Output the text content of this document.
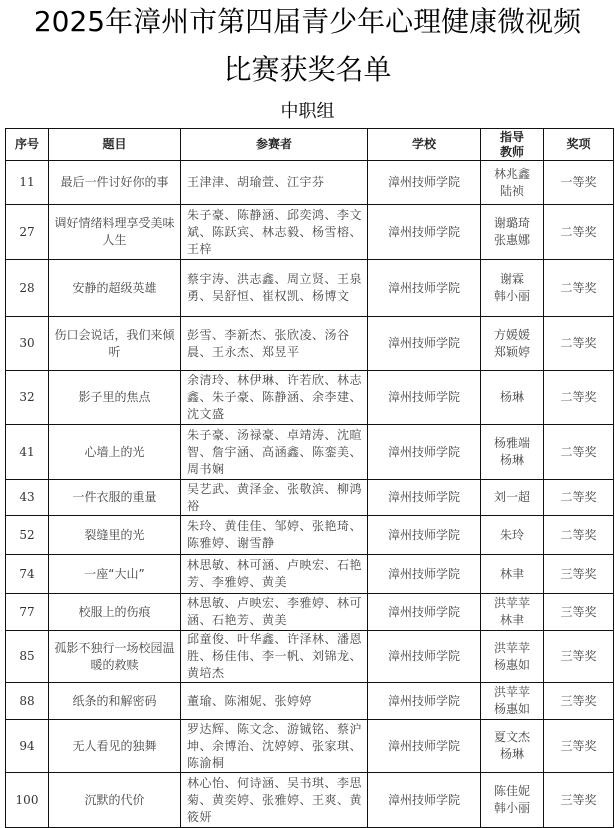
2025年漳州市第四届青少年心理健康微视频
比赛获奖名单
中职组
序号	题目	参赛者	学校	指导
教师	奖项
11	最后一件讨好你的事	王津津、胡瑜萱、江宇芬	漳州技师学院	林兆鑫
陆祯	一等奖
27	调好情绪料理享受美味人生	朱子豪、陈静涵、邱奕鸿、李文斌、陈跃宾、林志毅、杨雪榕、王梓	漳州技师学院	谢璐琦
张惠娜	二等奖
28	安静的超级英雄	蔡宇涛、洪志鑫、周立贤、王泉勇、吴舒恒、崔权凯、杨博文	漳州技师学院	谢霖
韩小丽	二等奖
30	伤口会说话，我们来倾听	彭雪、李新杰、张欣凌、汤谷晨、王永杰、郑昱平	漳州技师学院	方媛媛
郑颖婷	二等奖
32	影子里的焦点	余清玲、林伊琳、许若欣、林志鑫、朱子豪、陈静涵、余李建、沈文盛	漳州技师学院	杨琳	二等奖
41	心墙上的光	朱子豪、汤禄豪、卓靖涛、沈暄智、詹宇涵、高涵鑫、陈銮美、周书娴	漳州技师学院	杨雅端
杨琳	二等奖
43	一件衣服的重量	吴艺武、黄泽金、张敬滨、柳鸿裕	漳州技师学院	刘一超	二等奖
52	裂缝里的光	朱玲、黄佳佳、邹婷、张艳琦、陈雅婷、谢雪静	漳州技师学院	朱玲	二等奖
74	一座“大山”	林思敏、林可涵、卢映宏、石艳芳、李雅婷、黄美	漳州技师学院	林聿	三等奖
77	校服上的伤痕	林思敏、卢映宏、李雅婷、林可涵、石艳芳、黄美	漳州技师学院	洪苹苹
林聿	三等奖
85	孤影不独行一场校园温暖的救赎	邱童俊、叶华鑫、许泽林、潘恩胜、杨佳伟、李一帆、刘锦龙、黄培杰	漳州技师学院	洪苹苹
杨惠如	三等奖
88	纸条的和解密码	董瑜、陈湘妮、张婷婷	漳州技师学院	洪苹苹
杨惠如	三等奖
94	无人看见的独舞	罗达辉、陈文念、游铖铭、蔡沪坤、余博治、沈婷婷、张家琪、陈渝桐	漳州技师学院	夏文杰
杨琳	三等奖
100	沉默的代价	林心怡、何诗涵、吴书琪、李思菊、黄奕婷、张雅婷、王爽、黄筱妍	漳州技师学院	陈佳妮
韩小丽	三等奖
